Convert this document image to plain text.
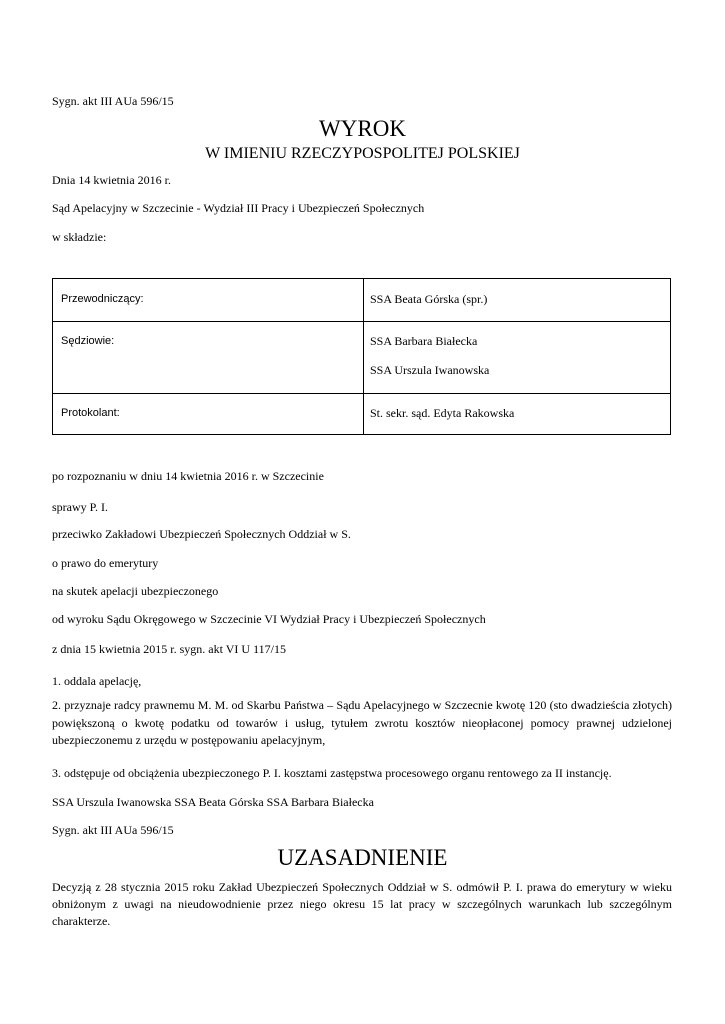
Sygn. akt III AUa 596/15
WYROK
W IMIENIU RZECZYPOSPOLITEJ POLSKIEJ
Dnia 14 kwietnia 2016 r.
Sąd Apelacyjny w Szczecinie - Wydział III Pracy i Ubezpieczeń Społecznych
w składzie:
Przewodniczący:	SSA Beata Górska (spr.)
Sędziowie:	SSA Barbara Białecka
SSA Urszula Iwanowska
Protokolant:	St. sekr. sąd. Edyta Rakowska
po rozpoznaniu w dniu 14 kwietnia 2016 r. w Szczecinie
sprawy P. I.
przeciwko Zakładowi Ubezpieczeń Społecznych Oddział w S.
o prawo do emerytury
na skutek apelacji ubezpieczonego
od wyroku Sądu Okręgowego w Szczecinie VI Wydział Pracy i Ubezpieczeń Społecznych
z dnia 15 kwietnia 2015 r. sygn. akt VI U 117/15
1. oddala apelację,
2. przyznaje radcy prawnemu M. M. od Skarbu Państwa – Sądu Apelacyjnego w Szczecnie kwotę 120 (sto dwadzieścia złotych) powiększoną o kwotę podatku od towarów i usług, tytułem zwrotu kosztów nieopłaconej pomocy prawnej udzielonej ubezpieczonemu z urzędu w postępowaniu apelacyjnym,
3. odstępuje od obciążenia ubezpieczonego P. I. kosztami zastępstwa procesowego organu rentowego za II instancję.
SSA Urszula Iwanowska SSA Beata Górska SSA Barbara Białecka
Sygn. akt III AUa 596/15
UZASADNIENIE
Decyzją z 28 stycznia 2015 roku Zakład Ubezpieczeń Społecznych Oddział w S. odmówił P. I. prawa do emerytury w wieku obniżonym z uwagi na nieudowodnienie przez niego okresu 15 lat pracy w szczególnych warunkach lub szczególnym charakterze.
